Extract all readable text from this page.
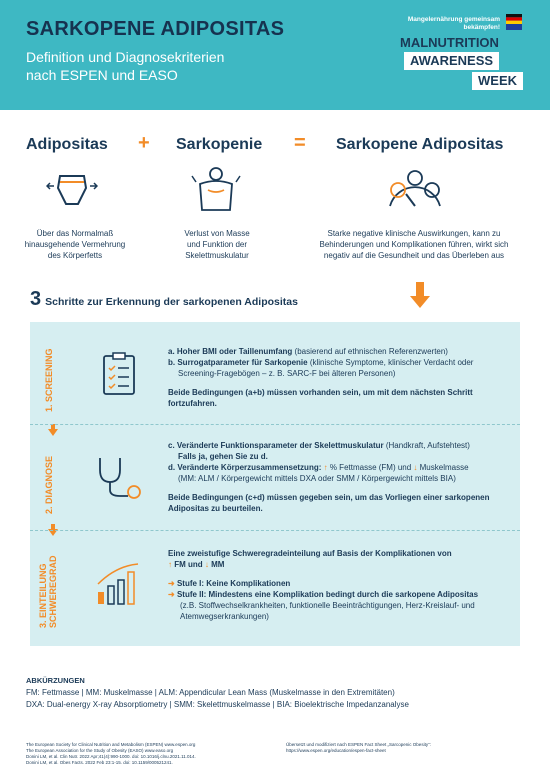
SARKOPENE ADIPOSITAS
Definition und Diagnosekriterien
nach ESPEN und EASO
Mangelernährung gemeinsam
bekämpfen!
MALNUTRITION
AWARENESS
WEEK
Adipositas + Sarkopenie = Sarkopene Adipositas
Über das Normalmaß
hinausgehende Vermehrung
des Körperfetts
Verlust von Masse
und Funktion der
Skelettmuskulatur
Starke negative klinische Auswirkungen, kann zu
Behinderungen und Komplikationen führen, wirkt sich
negativ auf die Gesundheit und das Überleben aus
3 Schritte zur Erkennung der sarkopenen Adipositas
1. SCREENING
2. DIAGNOSE
3. EINTEILUNG SCHWEREGRAD
a. Hoher BMI oder Taillenumfang (basierend auf ethnischen Referenzwerten)
b. Surrogatparameter für Sarkopenie (klinische Symptome, klinischer Verdacht oder Screening-Fragebögen – z. B. SARC-F bei älteren Personen)
Beide Bedingungen (a+b) müssen vorhanden sein, um mit dem nächsten Schritt fortzufahren.
c. Veränderte Funktionsparameter der Skelettmuskulatur (Handkraft, Aufstehtest)
Falls ja, gehen Sie zu d.
d. Veränderte Körperzusammensetzung: ↑ % Fettmasse (FM) und ↓ Muskelmasse
(MM: ALM / Körpergewicht mittels DXA oder SMM / Körpergewicht mittels BIA)
Beide Bedingungen (c+d) müssen gegeben sein, um das Vorliegen einer sarkopenen Adipositas zu beurteilen.
Eine zweistufige Schweregradeinteilung auf Basis der Komplikationen von
↑ FM und ↓ MM
➜ Stufe I: Keine Komplikationen
➜ Stufe II: Mindestens eine Komplikation bedingt durch die sarkopene Adipositas
(z.B. Stoffwechselkrankheiten, funktionelle Beeinträchtigungen, Herz-Kreislauf- und Atemwegserkrankungen)
ABKÜRZUNGEN
FM: Fettmasse | MM: Muskelmasse | ALM: Appendicular Lean Mass (Muskelmasse in den Extremitäten)
DXA: Dual-energy X-ray Absorptiometry | SMM: Skelettmuskelmasse | BIA: Bioelektrische Impedanzanalyse
The European Society for Clinical Nutrition and Metabolism (ESPEN) www.espen.org
The European Association for the Study of Obesity (EASO) www.easo.org
Donini LM, et al. Clin Nutr. 2022 Apr;41(4):990-1000. doi: 10.1016/j.clnu.2021.11.014.
Donini LM, et al. Obes Facts. 2022 Feb 23:1-15. doi: 10.1159/000521241.
Übersetzt und modifiziert nach ESPEN Fact Sheet „Sarcopenic Obesity“:
https://www.espen.org/education/espen-fact-sheet
